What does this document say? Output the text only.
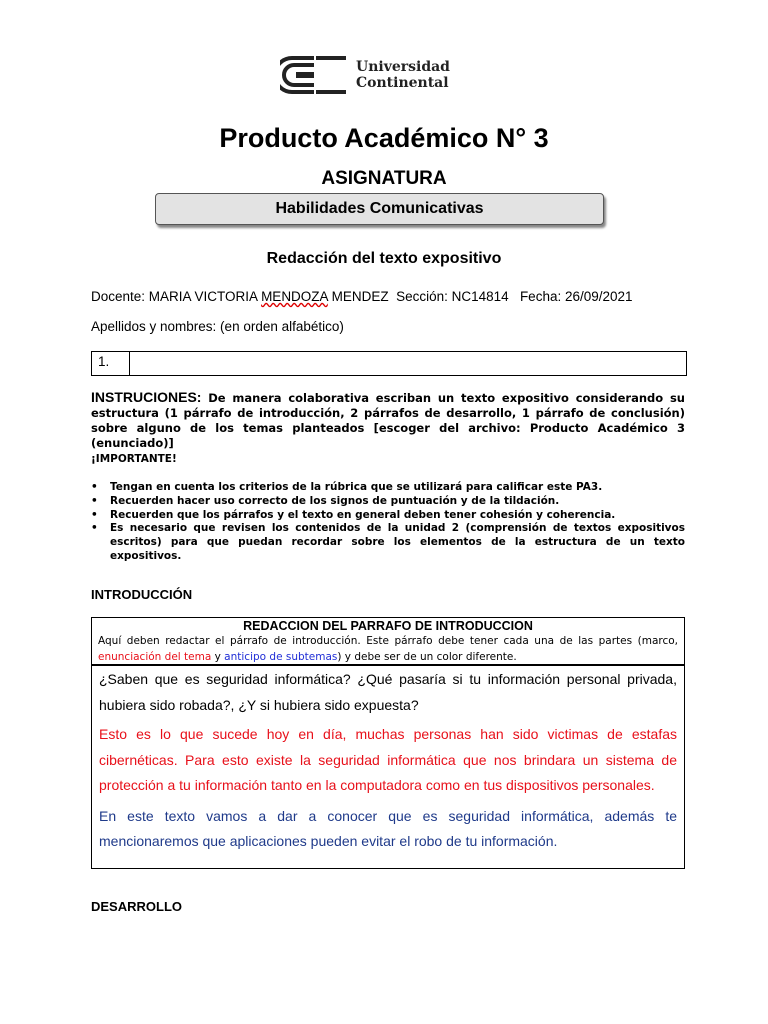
Universidad
Continental
Producto Académico N° 3
ASIGNATURA
Habilidades Comunicativas
Redacción del texto expositivo
Docente: MARIA VICTORIA MENDOZA MENDEZ Sección: NC14814 Fecha: 26/09/2021
Apellidos y nombres: (en orden alfabético)
1.
INSTRUCIONES: De manera colaborativa escriban un texto expositivo considerando su estructura (1 párrafo de introducción, 2 párrafos de desarrollo, 1 párrafo de conclusión) sobre alguno de los temas planteados [escoger del archivo: Producto Académico 3 (enunciado)]
¡IMPORTANTE!
• Tengan en cuenta los criterios de la rúbrica que se utilizará para calificar este PA3.
• Recuerden hacer uso correcto de los signos de puntuación y de la tildación.
• Recuerden que los párrafos y el texto en general deben tener cohesión y coherencia.
• Es necesario que revisen los contenidos de la unidad 2 (comprensión de textos expositivos escritos) para que puedan recordar sobre los elementos de la estructura de un texto expositivos.
INTRODUCCIÓN
REDACCION DEL PARRAFO DE INTRODUCCION
Aquí deben redactar el párrafo de introducción. Este párrafo debe tener cada una de las partes (marco, enunciación del tema y anticipo de subtemas) y debe ser de un color diferente.

¿Saben que es seguridad informática? ¿Qué pasaría si tu información personal privada, hubiera sido robada?, ¿Y si hubiera sido expuesta?

Esto es lo que sucede hoy en día, muchas personas han sido victimas de estafas cibernéticas. Para esto existe la seguridad informática que nos brindara un sistema de protección a tu información tanto en la computadora como en tus dispositivos personales.

En este texto vamos a dar a conocer que es seguridad informática, además te mencionaremos que aplicaciones pueden evitar el robo de tu información.

DESARROLLO
